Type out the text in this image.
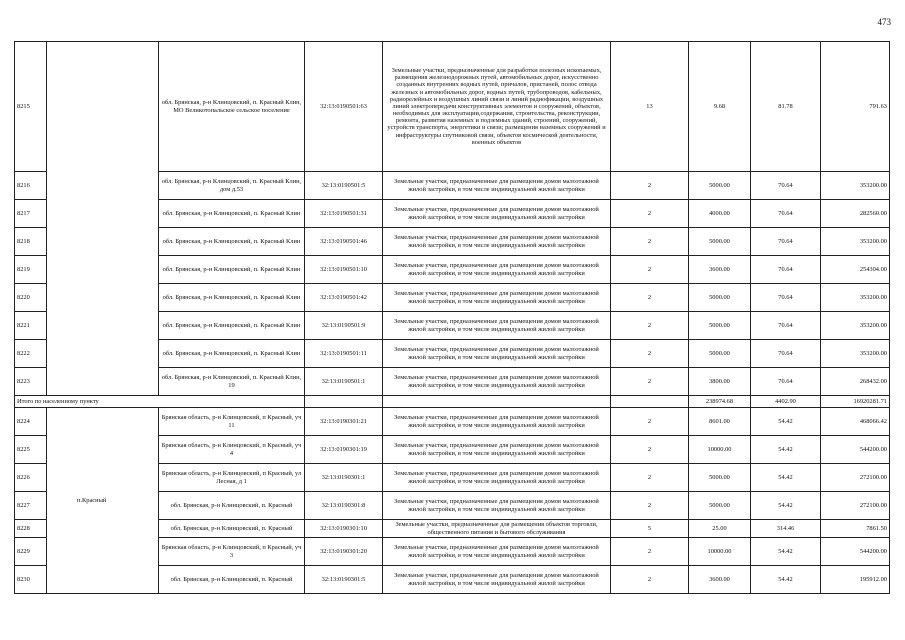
473
8215		обл. Брянская, р-н Клинцовский, п. Красный Клин, МО Великотопальское сельское поселение	32:13:0190501:63	Земельные участки, предназначенные для разработки полезных ископаемых, размещения железнодорожных путей, автомобильных дорог, искусственно созданных внутренних водных путей, причалов, пристаней, полос отвода железных и автомобильных дорог, водных путей, трубопроводов, кабельных, радиорелейных и воздушных линий связи и линий радиофикации, воздушных линий электропередачи конструктивных элементов и сооружений, объектов, необходимых для эксплуатации,содержания, строительства, реконструкции, ремонта, развития наземных и подземных зданий, строений, сооружений, устройств транспорта, энергетики и связи; размещения наземных сооружений и инфраструктуры спутниковой связи, объектов космической деятельности, военных объектов	13	9.68	81.78	791.63
8216		обл. Брянская, р-н Клинцовский, п. Красный Клин, дом д.53	32:13:0190501:5	Земельные участки, предназначенные для размещения домов малоэтажной жилой застройки, в том числе индивидуальной жилой застройки	2	5000.00	70.64	353200.00
8217		обл. Брянская, р-н Клинцовский, п. Красный Клин	32:13:0190501:31	Земельные участки, предназначенные для размещения домов малоэтажной жилой застройки, в том числе индивидуальной жилой застройки	2	4000.00	70.64	282560.00
8218		обл. Брянская, р-н Клинцовский, п. Красный Клин	32:13:0190501:46	Земельные участки, предназначенные для размещения домов малоэтажной жилой застройки, в том числе индивидуальной жилой застройки	2	5000.00	70.64	353200.00
8219		обл. Брянская, р-н Клинцовский, п. Красный Клин	32:13:0190501:10	Земельные участки, предназначенные для размещения домов малоэтажной жилой застройки, в том числе индивидуальной жилой застройки	2	3600.00	70.64	254304.00
8220		обл. Брянская, р-н Клинцовский, п. Красный Клин	32:13:0190501:42	Земельные участки, предназначенные для размещения домов малоэтажной жилой застройки, в том числе индивидуальной жилой застройки	2	5000.00	70.64	353200.00
8221		обл. Брянская, р-н Клинцовский, п. Красный Клин	32:13:0190501:9	Земельные участки, предназначенные для размещения домов малоэтажной жилой застройки, в том числе индивидуальной жилой застройки	2	5000.00	70.64	353200.00
8222		обл. Брянская, р-н Клинцовский, п. Красный Клин	32:13:0190501:11	Земельные участки, предназначенные для размещения домов малоэтажной жилой застройки, в том числе индивидуальной жилой застройки	2	5000.00	70.64	353200.00
8223		обл. Брянская, р-н Клинцовский, п. Красный Клин, 19	32:13:0190501:1	Земельные участки, предназначенные для размещения домов малоэтажной жилой застройки, в том числе индивидуальной жилой застройки	2	3800.00	70.64	268432.00
Итого по населенному пункту						238974.68	4402.90	16920281.71
8224	п.Красный	Брянская область, р-н Клинцовский, п Красный, уч 11	32:13:0190301:21	Земельные участки, предназначенные для размещения домов малоэтажной жилой застройки, в том числе индивидуальной жилой застройки	2	8601.00	54.42	468066.42
8225		Брянская область, р-н Клинцовский, п Красный, уч 4	32:13:0190301:19	Земельные участки, предназначенные для размещения домов малоэтажной жилой застройки, в том числе индивидуальной жилой застройки	2	10000.00	54.42	544200.00
8226		Брянская область, р-н Клинцовский, п Красный, ул Лесная, д 1	32:13:0190301:1	Земельные участки, предназначенные для размещения домов малоэтажной жилой застройки, в том числе индивидуальной жилой застройки	2	5000.00	54.42	272100.00
8227		обл. Брянская, р-н Клинцовский, п. Красный	32:13:0190301:8	Земельные участки, предназначенные для размещения домов малоэтажной жилой застройки, в том числе индивидуальной жилой застройки	2	5000.00	54.42	272100.00
8228		обл. Брянская, р-н Клинцовский, п. Красный	32:13:0190301:10	Земельные участки, предназначенные для размещения объектов торговли, общественного питания и бытового обслуживания	5	25.00	314.46	7861.50
8229		Брянская область, р-н Клинцовский, п Красный, уч 3	32:13:0190301:20	Земельные участки, предназначенные для размещения домов малоэтажной жилой застройки, в том числе индивидуальной жилой застройки	2	10000.00	54.42	544200.00
8230		обл. Брянская, р-н Клинцовский, п. Красный	32:13:0190301:5	Земельные участки, предназначенные для размещения домов малоэтажной жилой застройки, в том числе индивидуальной жилой застройки	2	3600.00	54.42	195912.00
